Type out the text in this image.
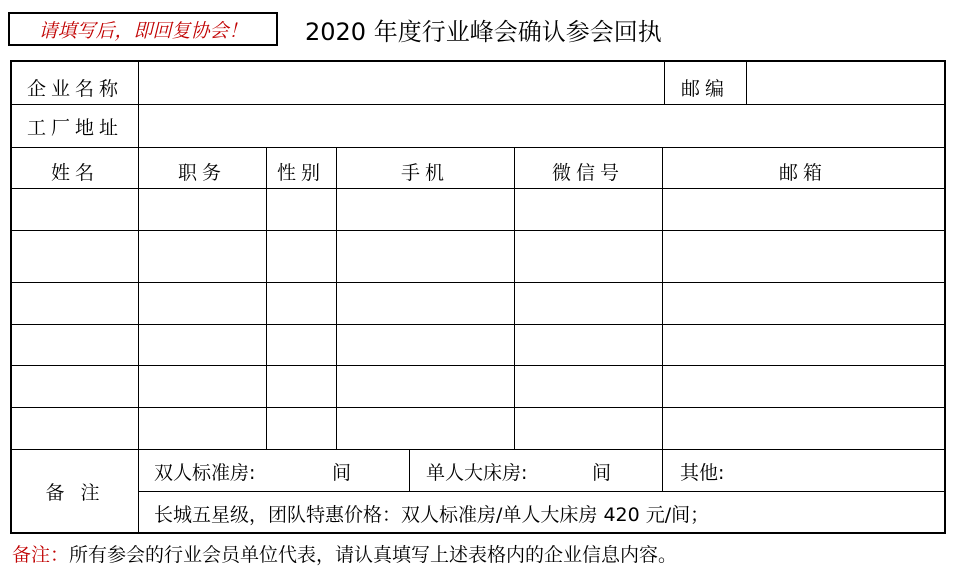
请填写后，即回复协会！	2020 年度行业峰会确认参会回执
企业名称	邮编
工厂地址
姓名	职务	性别	手机	微信号	邮箱
备 注
双人标准房:	间	单人大床房:	间	其他:
长城五星级，团队特惠价格：双人标准房/单人大床房 420 元/间；
备注： 所有参会的行业会员单位代表，请认真填写上述表格内的企业信息内容。
